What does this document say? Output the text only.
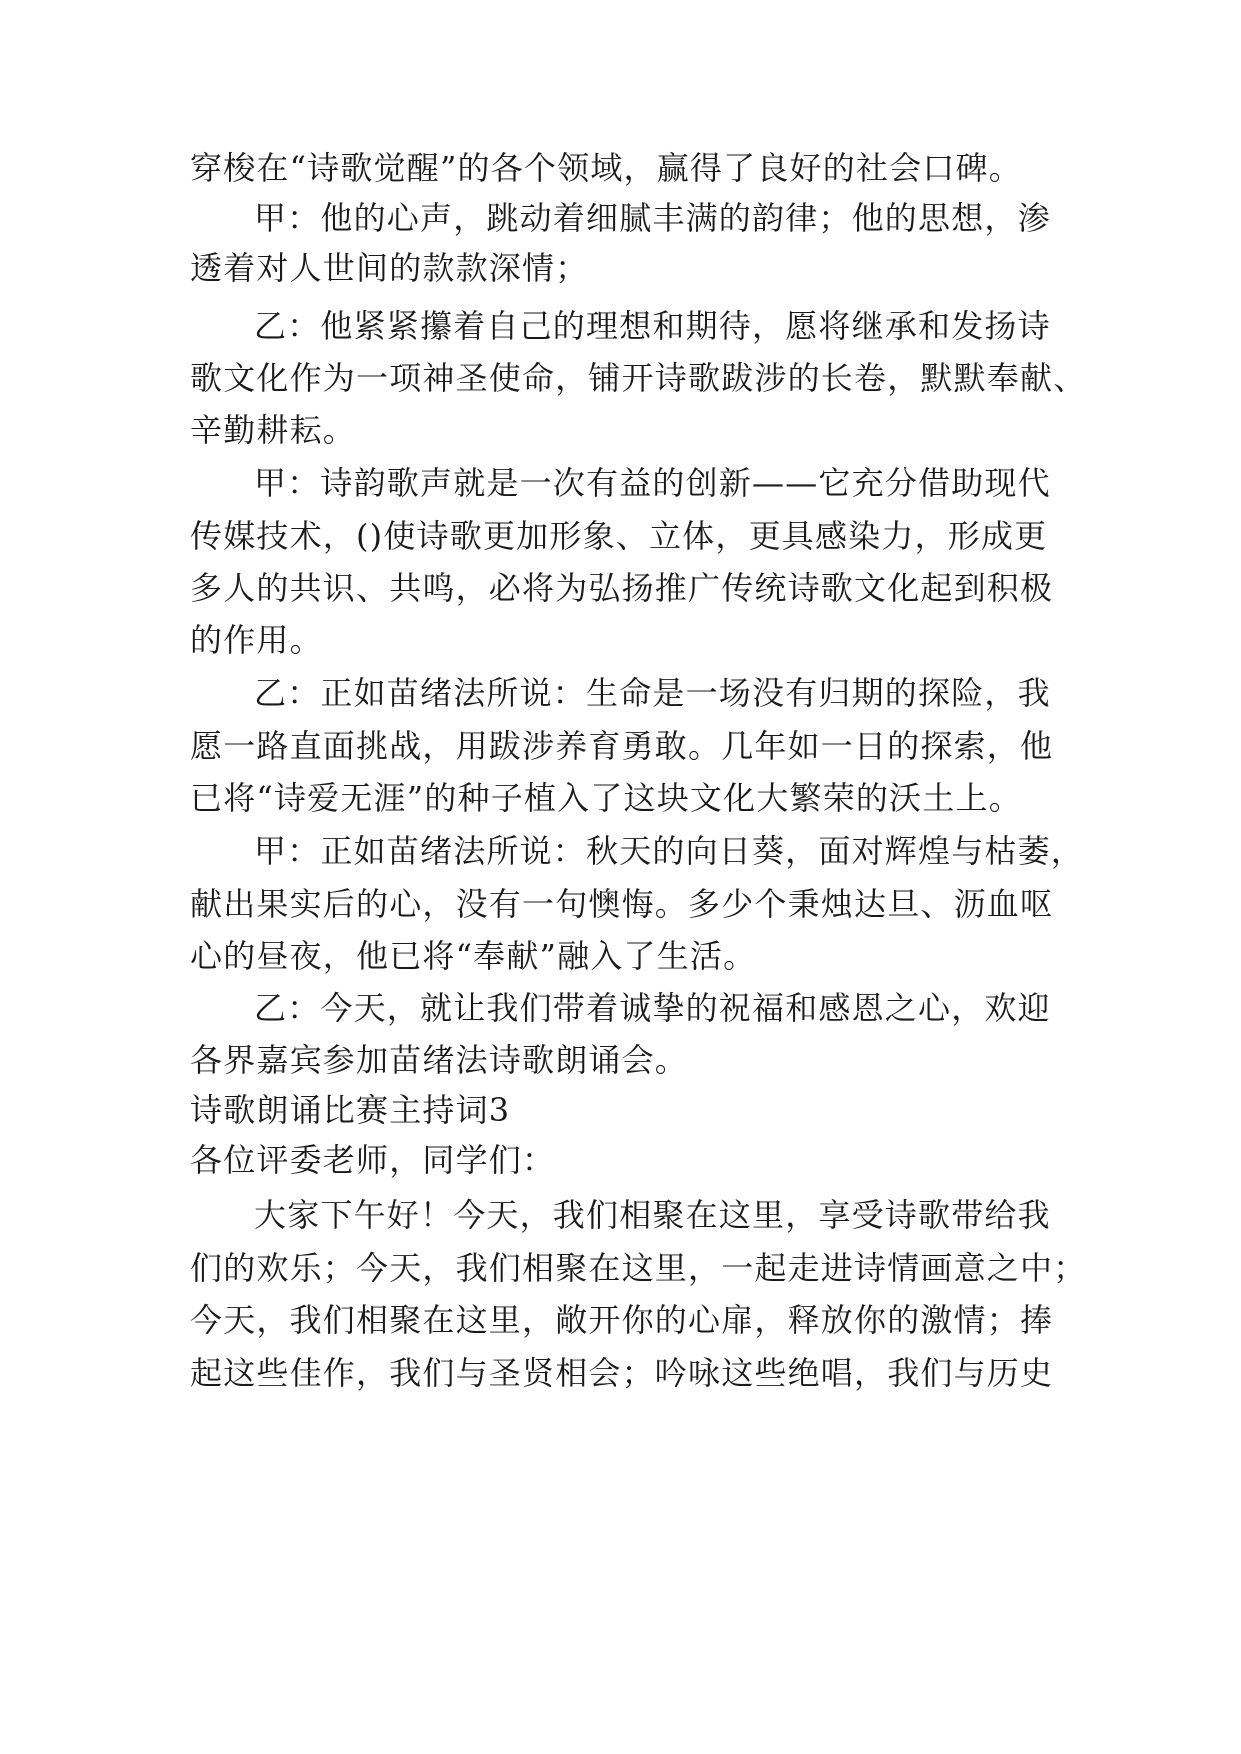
穿梭在“诗歌觉醒”的各个领域，赢得了良好的社会口碑。
甲：他的心声，跳动着细腻丰满的韵律；他的思想，渗
透着对人世间的款款深情；
乙：他紧紧攥着自己的理想和期待，愿将继承和发扬诗
歌文化作为一项神圣使命，铺开诗歌跋涉的长卷，默默奉献、
辛勤耕耘。
甲：诗韵歌声就是一次有益的创新——它充分借助现代
传媒技术，()使诗歌更加形象、立体，更具感染力，形成更
多人的共识、共鸣，必将为弘扬推广传统诗歌文化起到积极
的作用。
乙：正如苗绪法所说：生命是一场没有归期的探险，我
愿一路直面挑战，用跋涉养育勇敢。几年如一日的探索，他
已将“诗爱无涯”的种子植入了这块文化大繁荣的沃土上。
甲：正如苗绪法所说：秋天的向日葵，面对辉煌与枯萎，
献出果实后的心，没有一句懊悔。多少个秉烛达旦、沥血呕
心的昼夜，他已将“奉献”融入了生活。
乙：今天，就让我们带着诚挚的祝福和感恩之心，欢迎
各界嘉宾参加苗绪法诗歌朗诵会。
诗歌朗诵比赛主持词3
各位评委老师，同学们：
大家下午好！今天，我们相聚在这里，享受诗歌带给我
们的欢乐；今天，我们相聚在这里，一起走进诗情画意之中；
今天，我们相聚在这里，敞开你的心扉，释放你的激情；捧
起这些佳作，我们与圣贤相会；吟咏这些绝唱，我们与历史
